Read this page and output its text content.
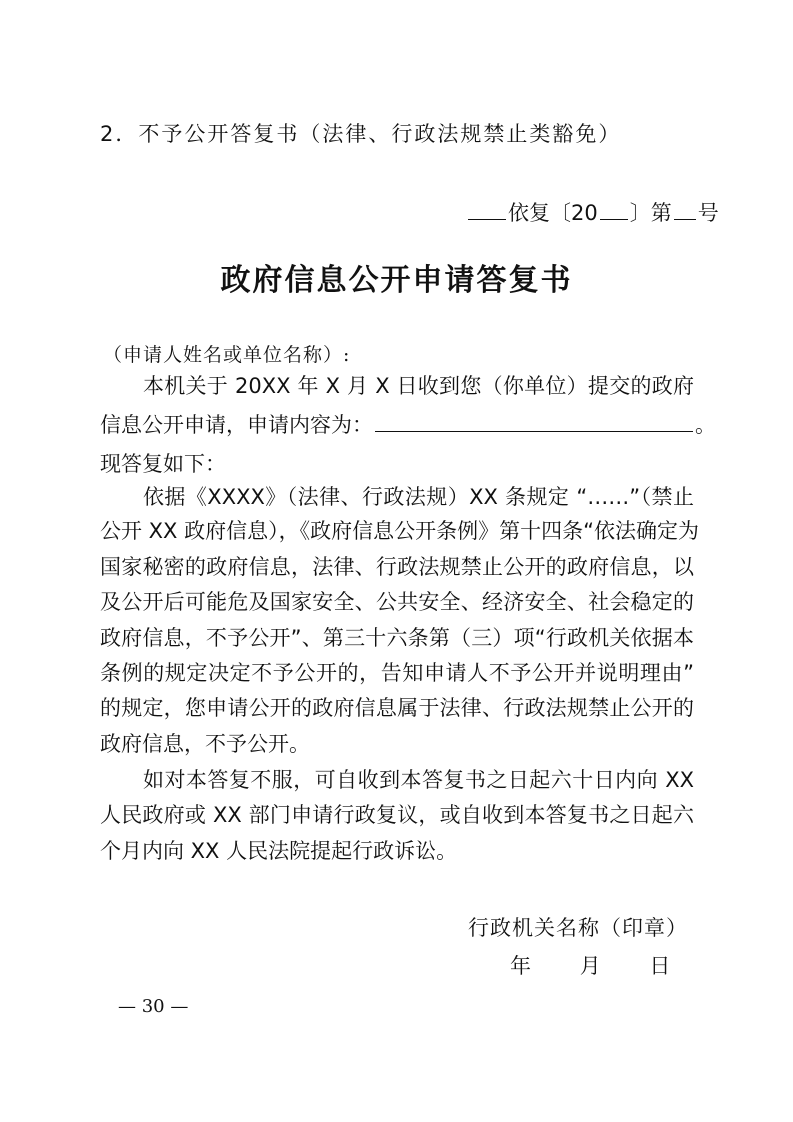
2．不予公开答复书（法律、行政法规禁止类豁免）
依复〔20 〕第 号
政府信息公开申请答复书
（申请人姓名或单位名称）:
本机关于 20XX 年 X 月 X 日收到您（你单位）提交的政府
信息公开申请，申请内容为：	。
现答复如下：
依据《XXXX》（法律、行政法规）XX 条规定 “……”（禁止
公开 XX 政府信息），《政府信息公开条例》第十四条“依法确定为
国家秘密的政府信息，法律、行政法规禁止公开的政府信息，以
及公开后可能危及国家安全、公共安全、经济安全、社会稳定的
政府信息，不予公开”、第三十六条第（三）项“行政机关依据本
条例的规定决定不予公开的，告知申请人不予公开并说明理由”
的规定，您申请公开的政府信息属于法律、行政法规禁止公开的
政府信息，不予公开。
如对本答复不服，可自收到本答复书之日起六十日内向 XX
人民政府或 XX 部门申请行政复议，或自收到本答复书之日起六
个月内向 XX 人民法院提起行政诉讼。
行政机关名称（印章）
年 月 日
— 30 —
